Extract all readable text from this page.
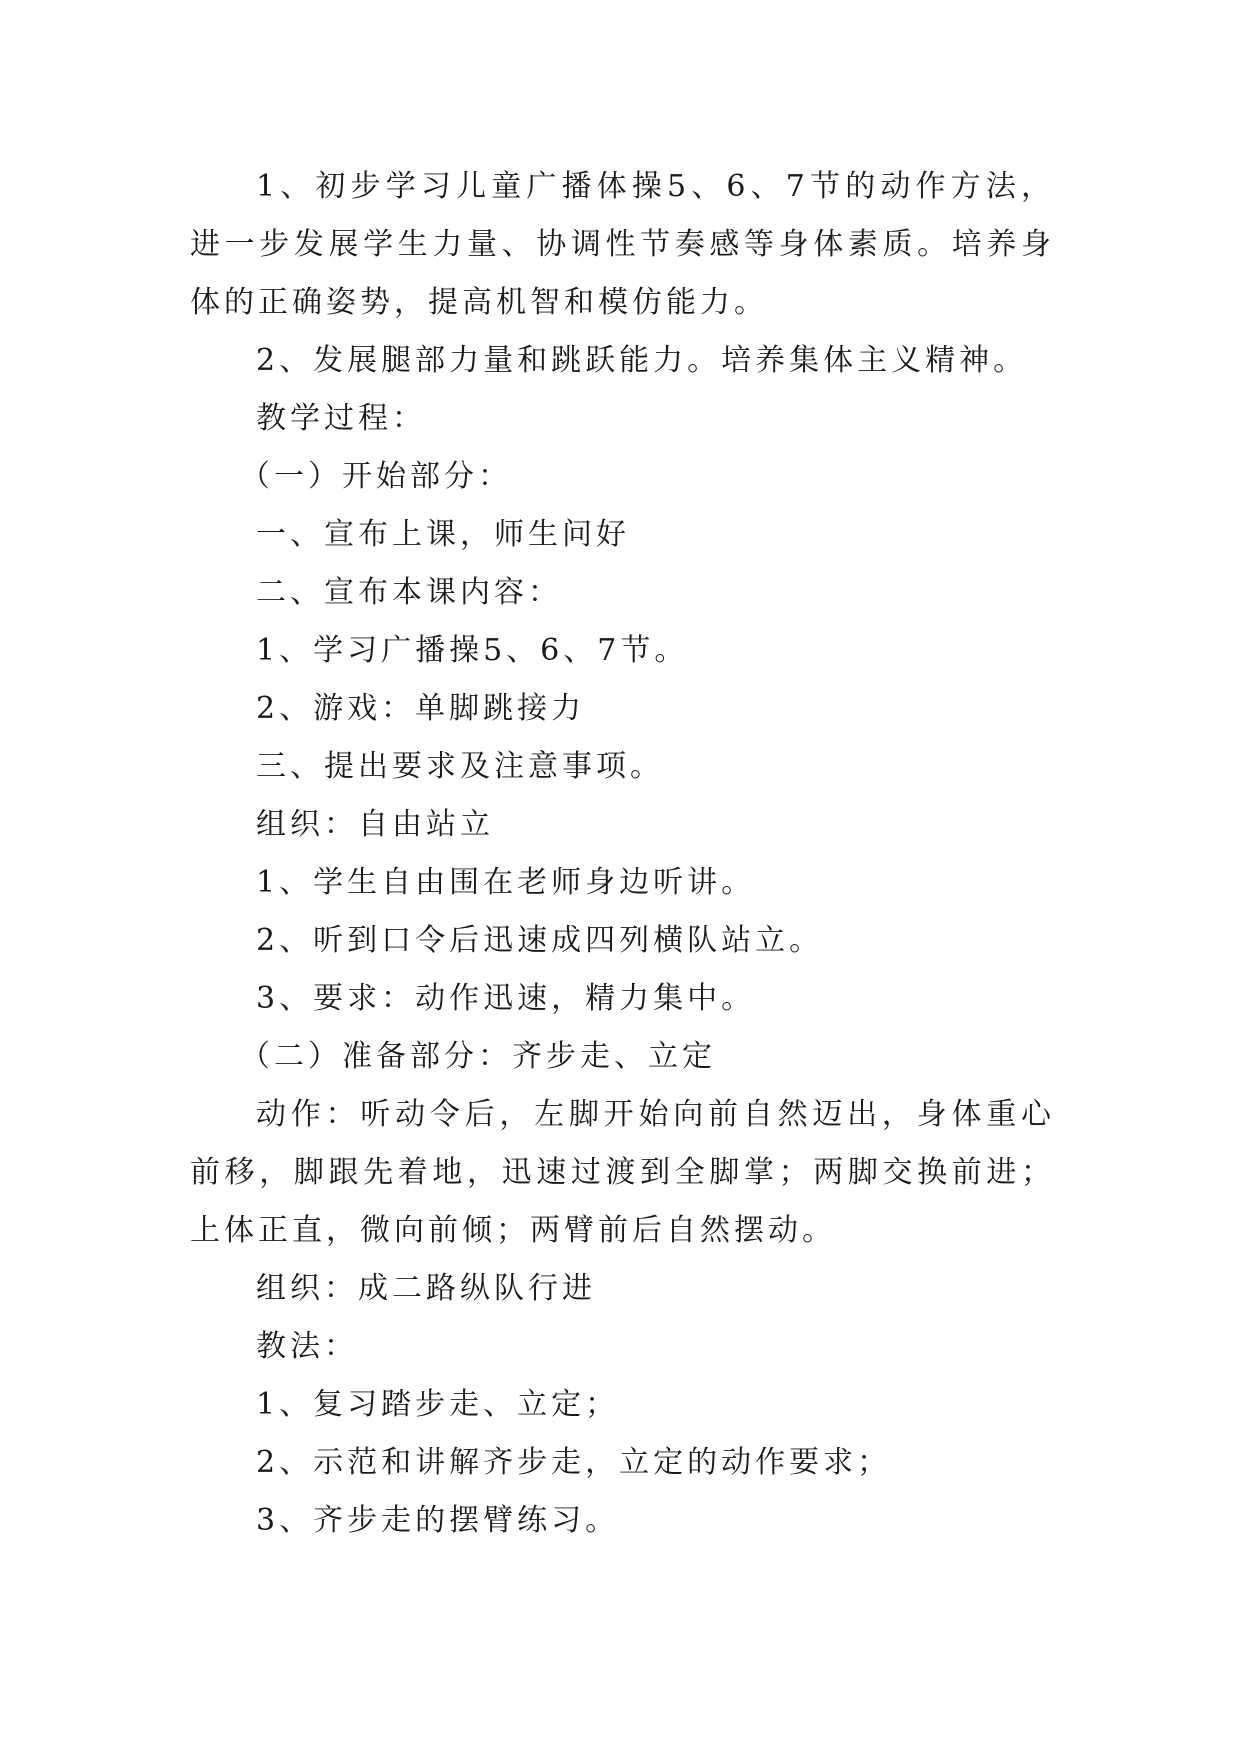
1、初步学习儿童广播体操5、6、7节的动作方法，进一步发展学生力量、协调性节奏感等身体素质。培养身体的正确姿势，提高机智和模仿能力。

2、发展腿部力量和跳跃能力。培养集体主义精神。

教学过程：

（一）开始部分：

一、宣布上课，师生问好

二、宣布本课内容：

1、学习广播操5、6、7节。

2、游戏：单脚跳接力

三、提出要求及注意事项。

组织：自由站立

1、学生自由围在老师身边听讲。

2、听到口令后迅速成四列横队站立。

3、要求：动作迅速，精力集中。

（二）准备部分：齐步走、立定

动作：听动令后，左脚开始向前自然迈出，身体重心前移，脚跟先着地，迅速过渡到全脚掌；两脚交换前进；上体正直，微向前倾；两臂前后自然摆动。

组织：成二路纵队行进

教法：

1、复习踏步走、立定；

2、示范和讲解齐步走，立定的动作要求；

3、齐步走的摆臂练习。
